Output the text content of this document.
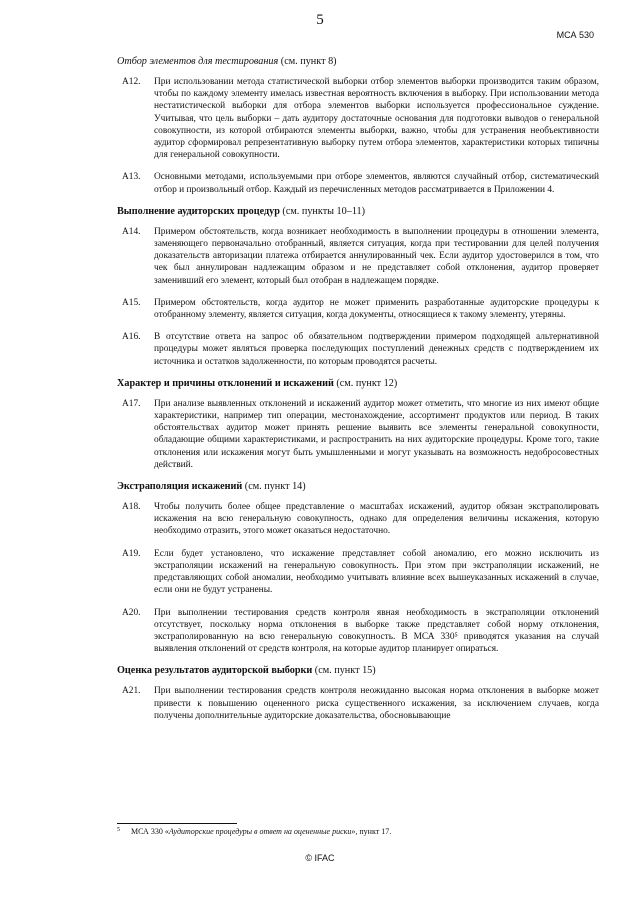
5
МСА 530
Отбор элементов для тестирования (см. пункт 8)
A12.	При использовании метода статистической выборки отбор элементов выборки производится таким образом, чтобы по каждому элементу имелась известная вероятность включения в выборку. При использовании метода нестатистической выборки для отбора элементов выборки используется профессиональное суждение. Учитывая, что цель выборки – дать аудитору достаточные основания для подготовки выводов о генеральной совокупности, из которой отбираются элементы выборки, важно, чтобы для устранения необъективности аудитор сформировал репрезентативную выборку путем отбора элементов, характеристики которых типичны для генеральной совокупности.
A13.	Основными методами, используемыми при отборе элементов, являются случайный отбор, систематический отбор и произвольный отбор. Каждый из перечисленных методов рассматривается в Приложении 4.
Выполнение аудиторских процедур (см. пункты 10–11)
A14.	Примером обстоятельств, когда возникает необходимость в выполнении процедуры в отношении элемента, заменяющего первоначально отобранный, является ситуация, когда при тестировании для целей получения доказательств авторизации платежа отбирается аннулированный чек. Если аудитор удостоверился в том, что чек был аннулирован надлежащим образом и не представляет собой отклонения, аудитор проверяет заменивший его элемент, который был отобран в надлежащем порядке.
A15.	Примером обстоятельств, когда аудитор не может применить разработанные аудиторские процедуры к отобранному элементу, является ситуация, когда документы, относящиеся к такому элементу, утеряны.
A16.	В отсутствие ответа на запрос об обязательном подтверждении примером подходящей альтернативной процедуры может являться проверка последующих поступлений денежных средств с подтверждением их источника и остатков задолженности, по которым проводятся расчеты.
Характер и причины отклонений и искажений (см. пункт 12)
A17.	При анализе выявленных отклонений и искажений аудитор может отметить, что многие из них имеют общие характеристики, например тип операции, местонахождение, ассортимент продуктов или период. В таких обстоятельствах аудитор может принять решение выявить все элементы генеральной совокупности, обладающие общими характеристиками, и распространить на них аудиторские процедуры. Кроме того, такие отклонения или искажения могут быть умышленными и могут указывать на возможность недобросовестных действий.
Экстраполяция искажений (см. пункт 14)
A18.	Чтобы получить более общее представление о масштабах искажений, аудитор обязан экстраполировать искажения на всю генеральную совокупность, однако для определения величины искажения, которую необходимо отразить, этого может оказаться недостаточно.
A19.	Если будет установлено, что искажение представляет собой аномалию, его можно исключить из экстраполяции искажений на генеральную совокупность. При этом при экстраполяции искажений, не представляющих собой аномалии, необходимо учитывать влияние всех вышеуказанных искажений в случае, если они не будут устранены.
A20.	При выполнении тестирования средств контроля явная необходимость в экстраполяции отклонений отсутствует, поскольку норма отклонения в выборке также представляет собой норму отклонения, экстраполированную на всю генеральную совокупность. В МСА 330⁵ приводятся указания на случай выявления отклонений от средств контроля, на которые аудитор планирует опираться.
Оценка результатов аудиторской выборки (см. пункт 15)
A21.	При выполнении тестирования средств контроля неожиданно высокая норма отклонения в выборке может привести к повышению оцененного риска существенного искажения, за исключением случаев, когда получены дополнительные аудиторские доказательства, обосновывающие
5	МСА 330 «Аудиторские процедуры в ответ на оцененные риски», пункт 17.
© IFAC
